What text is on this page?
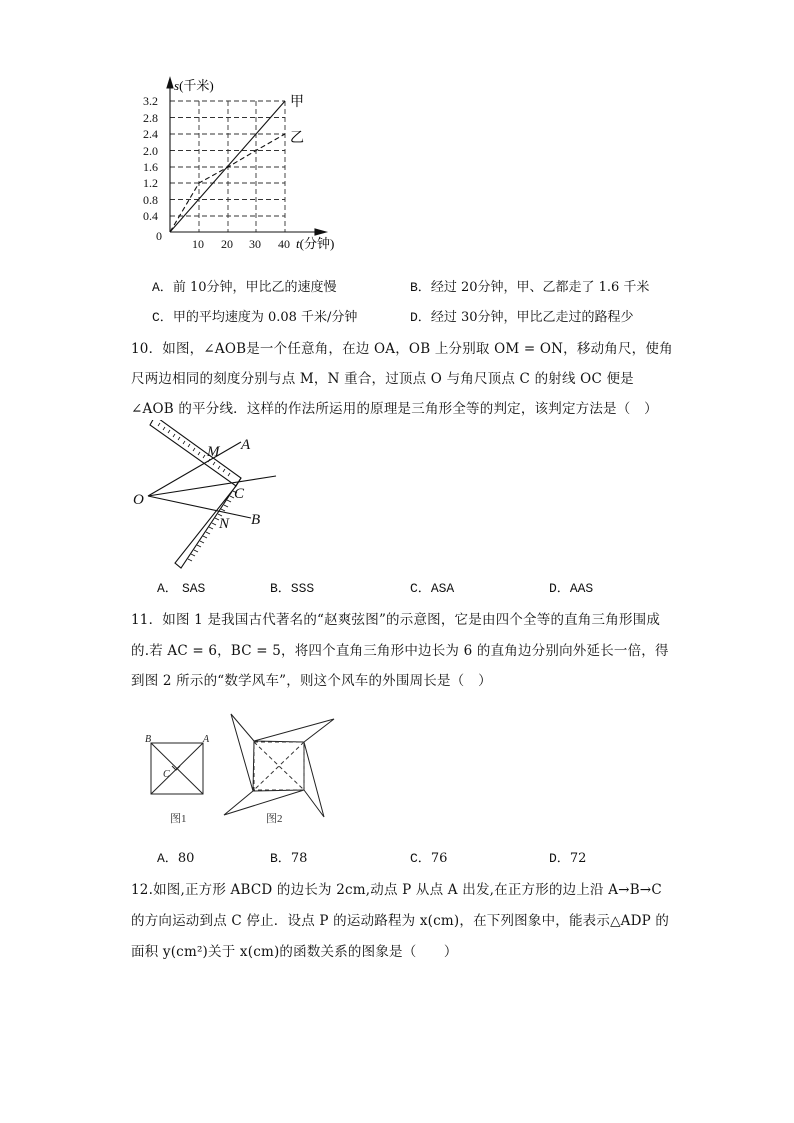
3.2
2.8
2.4
2.0
1.6
1.2
0.8
0.4
0
10 20 30 40
s(千米)
t(分钟)
甲
乙
A．前 10分钟，甲比乙的速度慢	B．经过 20分钟，甲、乙都走了 1.6 千米
C．甲的平均速度为 0.08 千米/分钟	D．经过 30分钟，甲比乙走过的路程少
10．如图，∠AOB是一个任意角，在边 OA，OB 上分别取 OM = ON，移动角尺，使角
尺两边相同的刻度分别与点 M，N 重合，过顶点 O 与角尺顶点 C 的射线 OC 便是
∠AOB 的平分线．这样的作法所运用的原理是三角形全等的判定，该判定方法是（　）
O
M A
C
N B
A． SAS	B．SSS	C．ASA	D．AAS
11．如图 1 是我国古代著名的“赵爽弦图”的示意图，它是由四个全等的直角三角形围成
的.若 AC = 6，BC = 5，将四个直角三角形中边长为 6 的直角边分别向外延长一倍，得
到图 2 所示的“数学风车”，则这个风车的外围周长是（　）
B	A
C
图1	图2
A．80	B．78	C．76	D．72
12.如图,正方形 ABCD 的边长为 2cm,动点 P 从点 A 出发,在正方形的边上沿 A→B→C
的方向运动到点 C 停止．设点 P 的运动路程为 x(cm)，在下列图象中，能表示△ADP 的
面积 y(cm²)关于 x(cm)的函数关系的图象是（　　）
